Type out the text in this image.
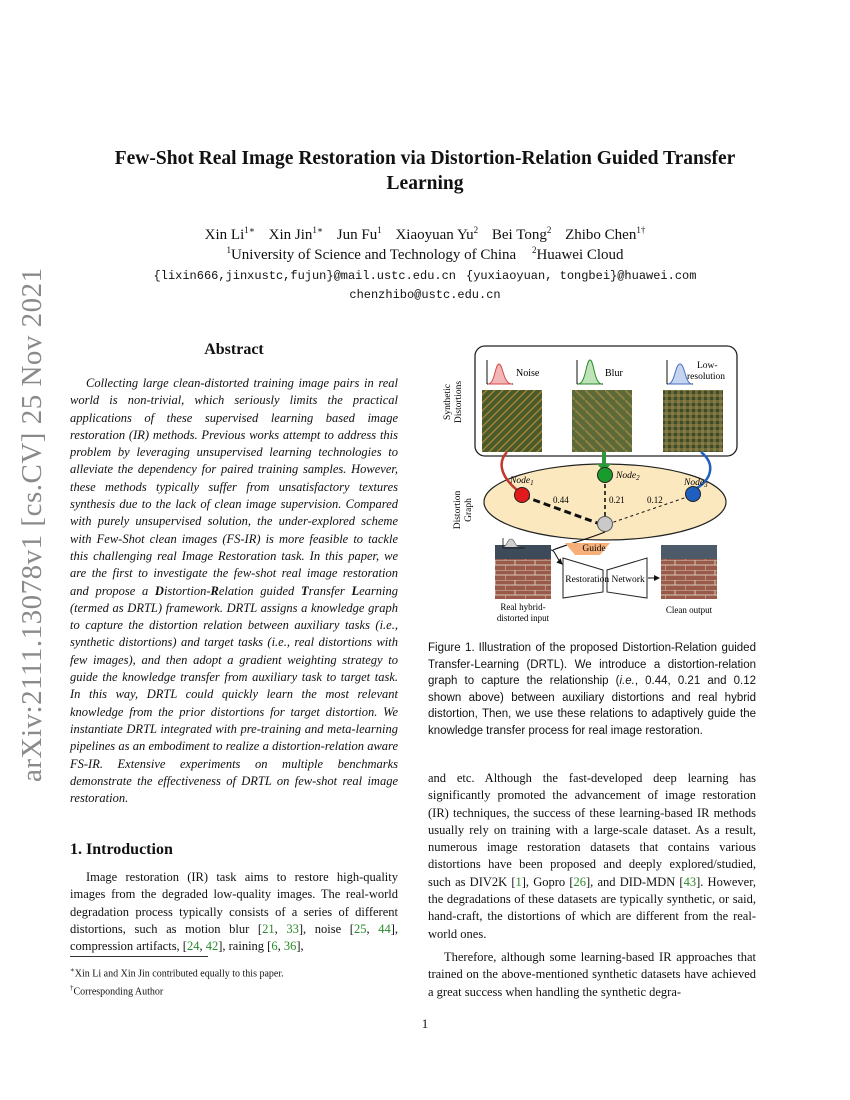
arXiv:2111.13078v1 [cs.CV] 25 Nov 2021
Few-Shot Real Image Restoration via Distortion-Relation Guided Transfer Learning
Xin $Li^{1∗}$ Xin Jin$^{1∗}$ Jun Fu$^1$ Xiaoyuan Yu$^2$ Bei Tong$^2$ Zhibo Chen$^{1\dagger}$
$^1$University of Science and Technology of China $^2$Huawei Cloud
{lixin666,jinxustc,fujun}@mail.ustc.edu.cn {yuxiaoyuan, tongbei}@huawei.com
chenzhibo@ustc.edu.cn
Abstract
Collecting large clean-distorted training image pairs in real world is non-trivial, which seriously limits the practical applications of these supervised learning based image restoration (IR) methods. Previous works attempt to address this problem by leveraging unsupervised learning technologies to alleviate the dependency for paired training samples. However, these methods typically suffer from unsatisfactory textures synthesis due to the lack of clean image supervision. Compared with purely unsupervised solution, the under-explored scheme with Few-Shot clean images (FS-IR) is more feasible to tackle this challenging real Image Restoration task. In this paper, we are the first to investigate the few-shot real image restoration and propose a Distortion-Relation guided Transfer Learning (termed as DRTL) framework. DRTL assigns a knowledge graph to capture the distortion relation between auxiliary tasks (i.e., synthetic distortions) and target tasks (i.e., real distortions with few images), and then adopt a gradient weighting strategy to guide the knowledge transfer from auxiliary task to target task. In this way, DRTL could quickly learn the most relevant knowledge from the prior distortions for target distortion. We instantiate DRTL integrated with pre-training and meta-learning pipelines as an embodiment to realize a distortion-relation aware FS-IR. Extensive experiments on multiple benchmarks demonstrate the effectiveness of DRTL on few-shot real image restoration.
1. Introduction
Image restoration (IR) task aims to restore high-quality images from the degraded low-quality images. The real-world degradation process typically consists of a series of different distortions, such as motion blur [21, 33], noise [25, 44], compression artifacts, [24, 42], raining [6, 36],
∗Xin Li and Xin Jin contributed equally to this paper.
†Corresponding Author
SyntheticDistortions
Noise	Blur
Low-resolution
DistortionGraph
Node$_1$
Node$_2$	Node$_3$
0.44	0.21 0.12
Guide
Restoration Network
Real hybrid-distorted input
Clean output
Figure 1. Illustration of the proposed Distortion-Relation guided Transfer-Learning (DRTL). We introduce a distortion-relation graph to capture the relationship (i.e., 0.44, 0.21 and 0.12 shown above) between auxiliary distortions and real hybrid distortion, Then, we use these relations to adaptively guide the knowledge transfer process for real image restoration.

and etc. Although the fast-developed deep learning has significantly promoted the advancement of image restoration (IR) techniques, the success of these learning-based IR methods usually rely on training with a large-scale dataset. As a result, numerous image restoration datasets that contains various distortions have been proposed and deeply explored/studied, such as DIV2K [1], Gopro [26], and DID-MDN [43]. However, the degradations of these datasets are typically synthetic, or said, hand-craft, the distortions of which are different from the real-world ones.

Therefore, although some learning-based IR approaches that trained on the above-mentioned synthetic datasets have achieved a great success when handling the synthetic degra-

1
